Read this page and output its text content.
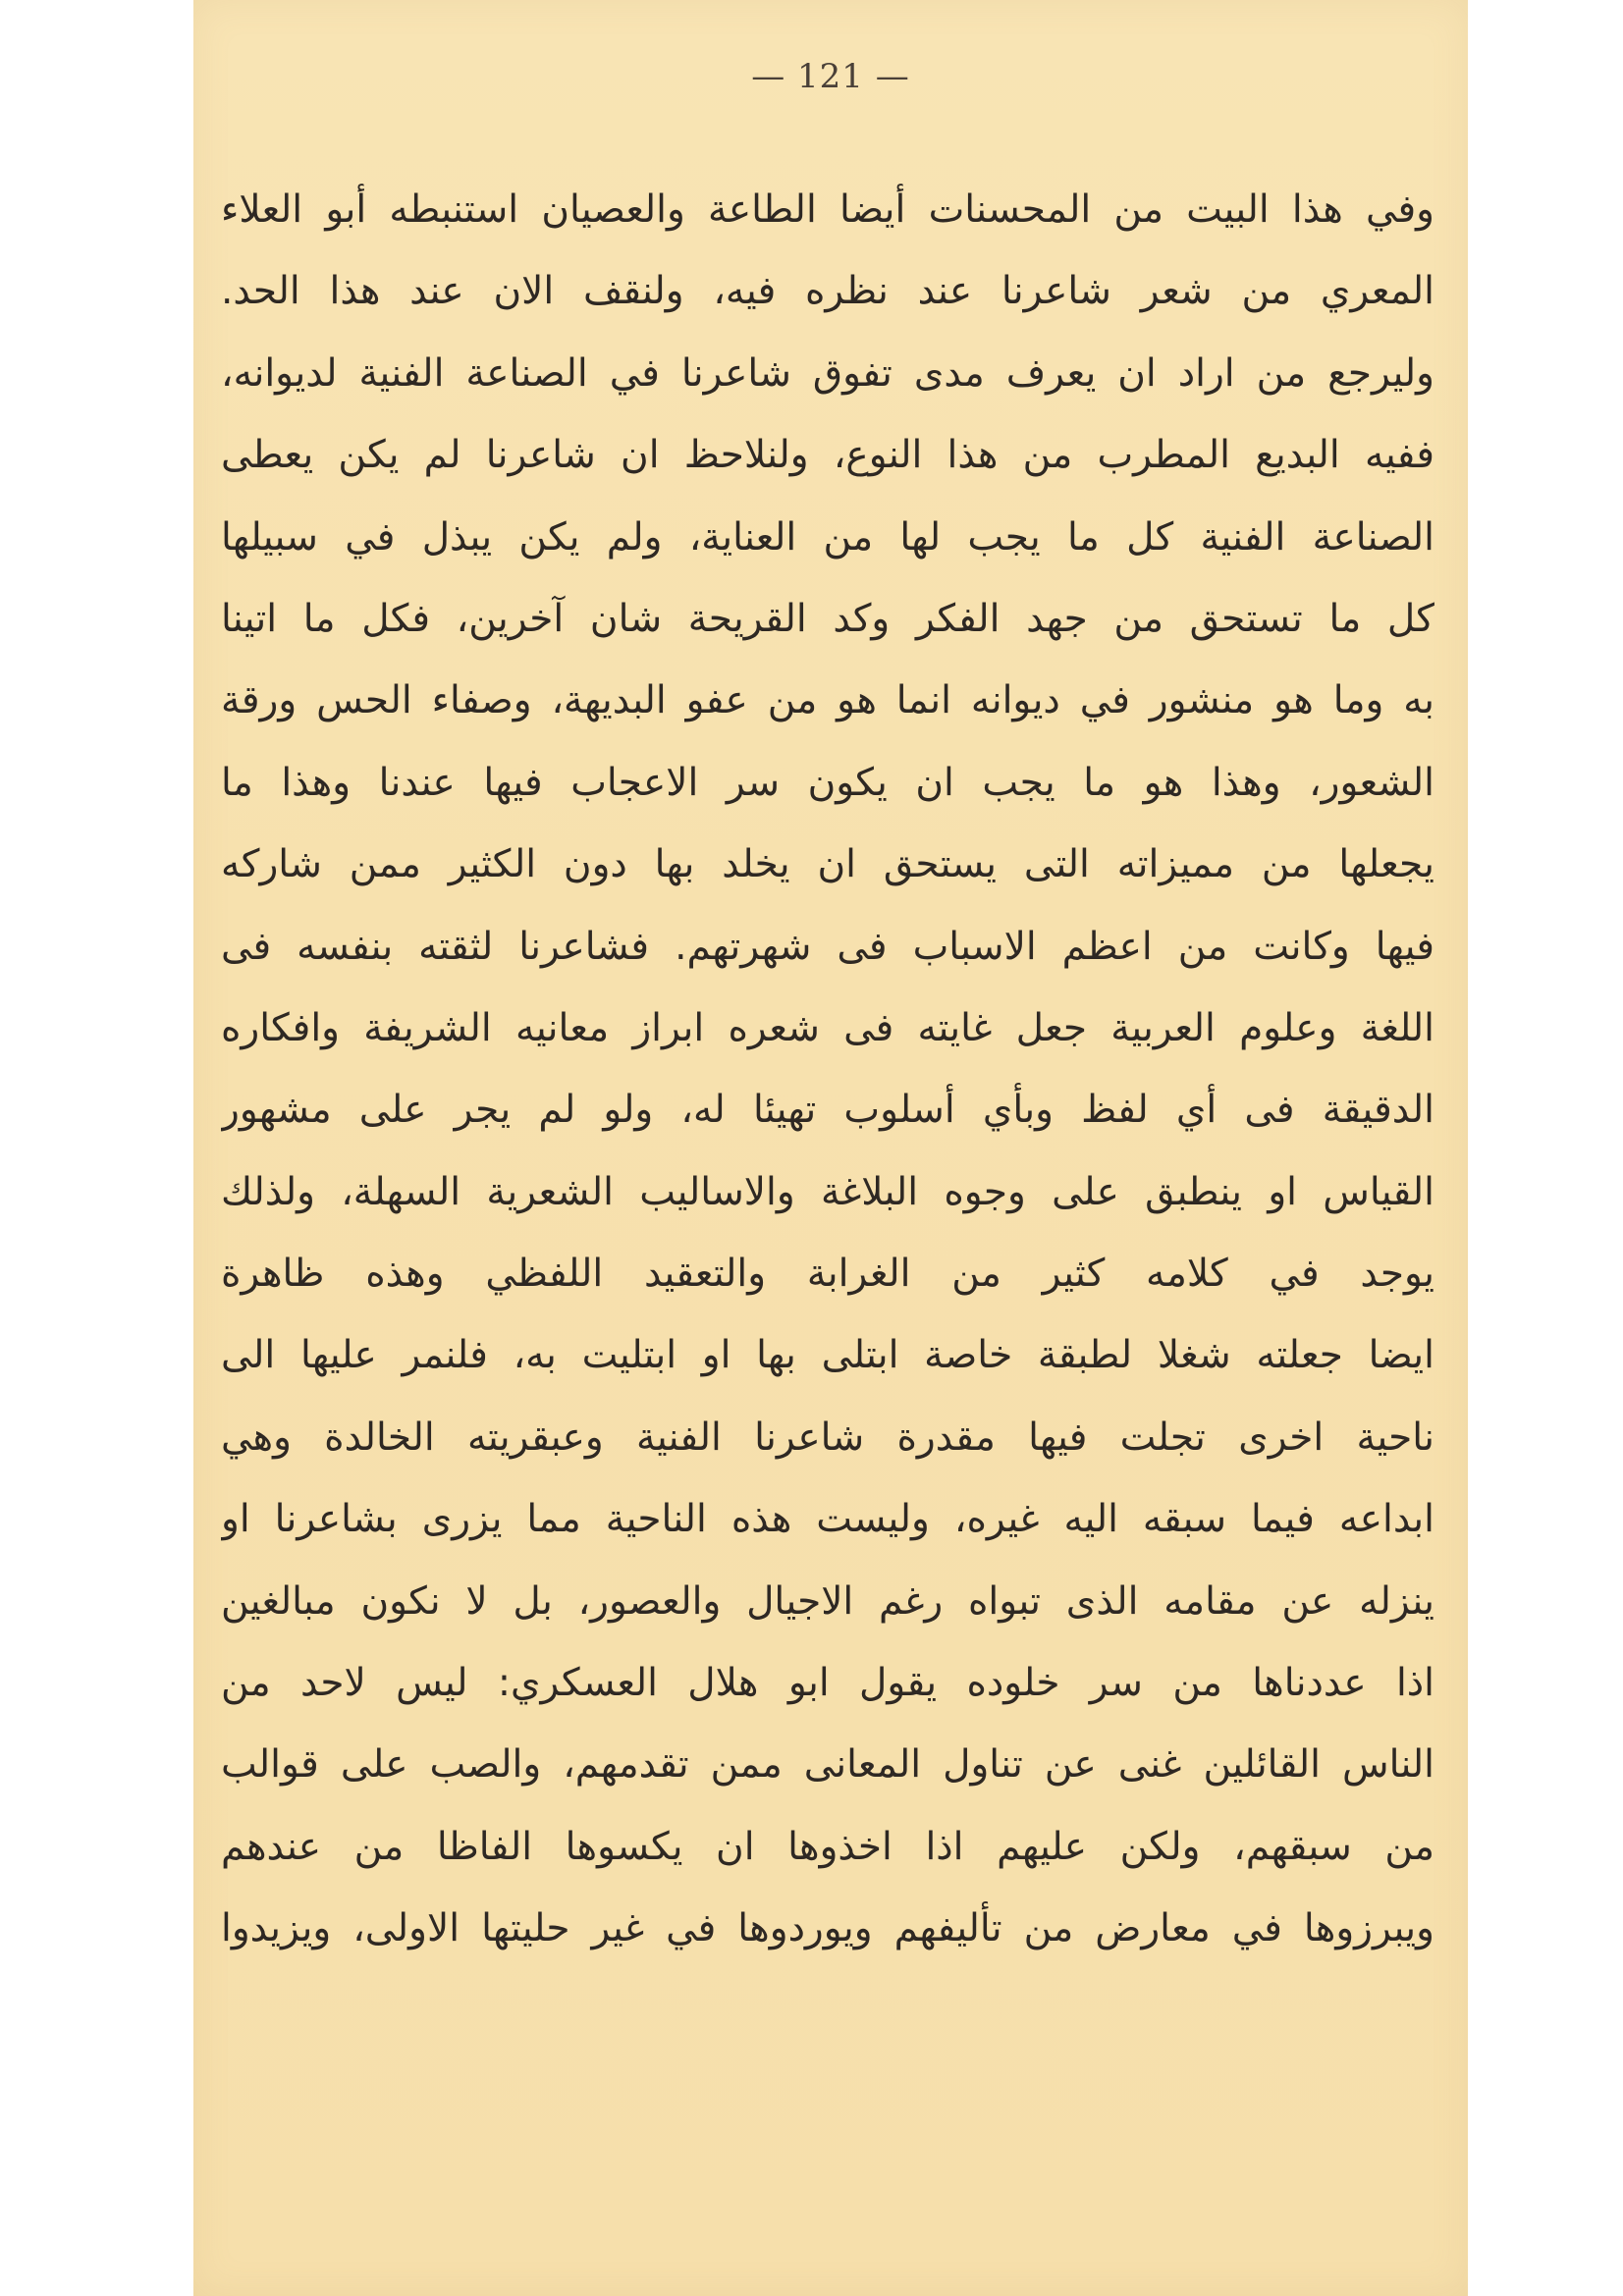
— 121 —
وفي هذا البيت من المحسنات أيضا الطاعة والعصيان استنبطه أبو العلاء
المعري من شعر شاعرنا عند نظره فيه، ولنقف الان عند هذا الحد.
وليرجع من اراد ان يعرف مدى تفوق شاعرنا في الصناعة الفنية لديوانه،
ففيه البديع المطرب من هذا النوع، ولنلاحظ ان شاعرنا لم يكن يعطى
الصناعة الفنية كل ما يجب لها من العناية، ولم يكن يبذل في سبيلها
كل ما تستحق من جهد الفكر وكد القريحة شان آخرين، فكل ما اتينا
به وما هو منشور في ديوانه انما هو من عفو البديهة، وصفاء الحس ورقة
الشعور، وهذا هو ما يجب ان يكون سر الاعجاب فيها عندنا وهذا ما
يجعلها من مميزاته التى يستحق ان يخلد بها دون الكثير ممن شاركه
فيها وكانت من اعظم الاسباب فى شهرتهم. فشاعرنا لثقته بنفسه فى
اللغة وعلوم العربية جعل غايته فى شعره ابراز معانيه الشريفة وافكاره
الدقيقة فى أي لفظ وبأي أسلوب تهيئا له، ولو لم يجر على مشهور
القياس او ينطبق على وجوه البلاغة والاساليب الشعرية السهلة، ولذلك
يوجد في كلامه كثير من الغرابة والتعقيد اللفظي وهذه ظاهرة
ايضا جعلته شغلا لطبقة خاصة ابتلى بها او ابتليت به، فلنمر عليها الى
ناحية اخرى تجلت فيها مقدرة شاعرنا الفنية وعبقريته الخالدة وهي
ابداعه فيما سبقه اليه غيره، وليست هذه الناحية مما يزرى بشاعرنا او
ينزله عن مقامه الذى تبواه رغم الاجيال والعصور، بل لا نكون مبالغين
اذا عددناها من سر خلوده يقول ابو هلال العسكري: ليس لاحد من
الناس القائلين غنى عن تناول المعانى ممن تقدمهم، والصب على قوالب
من سبقهم، ولكن عليهم اذا اخذوها ان يكسوها الفاظا من عندهم
ويبرزوها في معارض من تأليفهم ويوردوها في غير حليتها الاولى، ويزيدوا
